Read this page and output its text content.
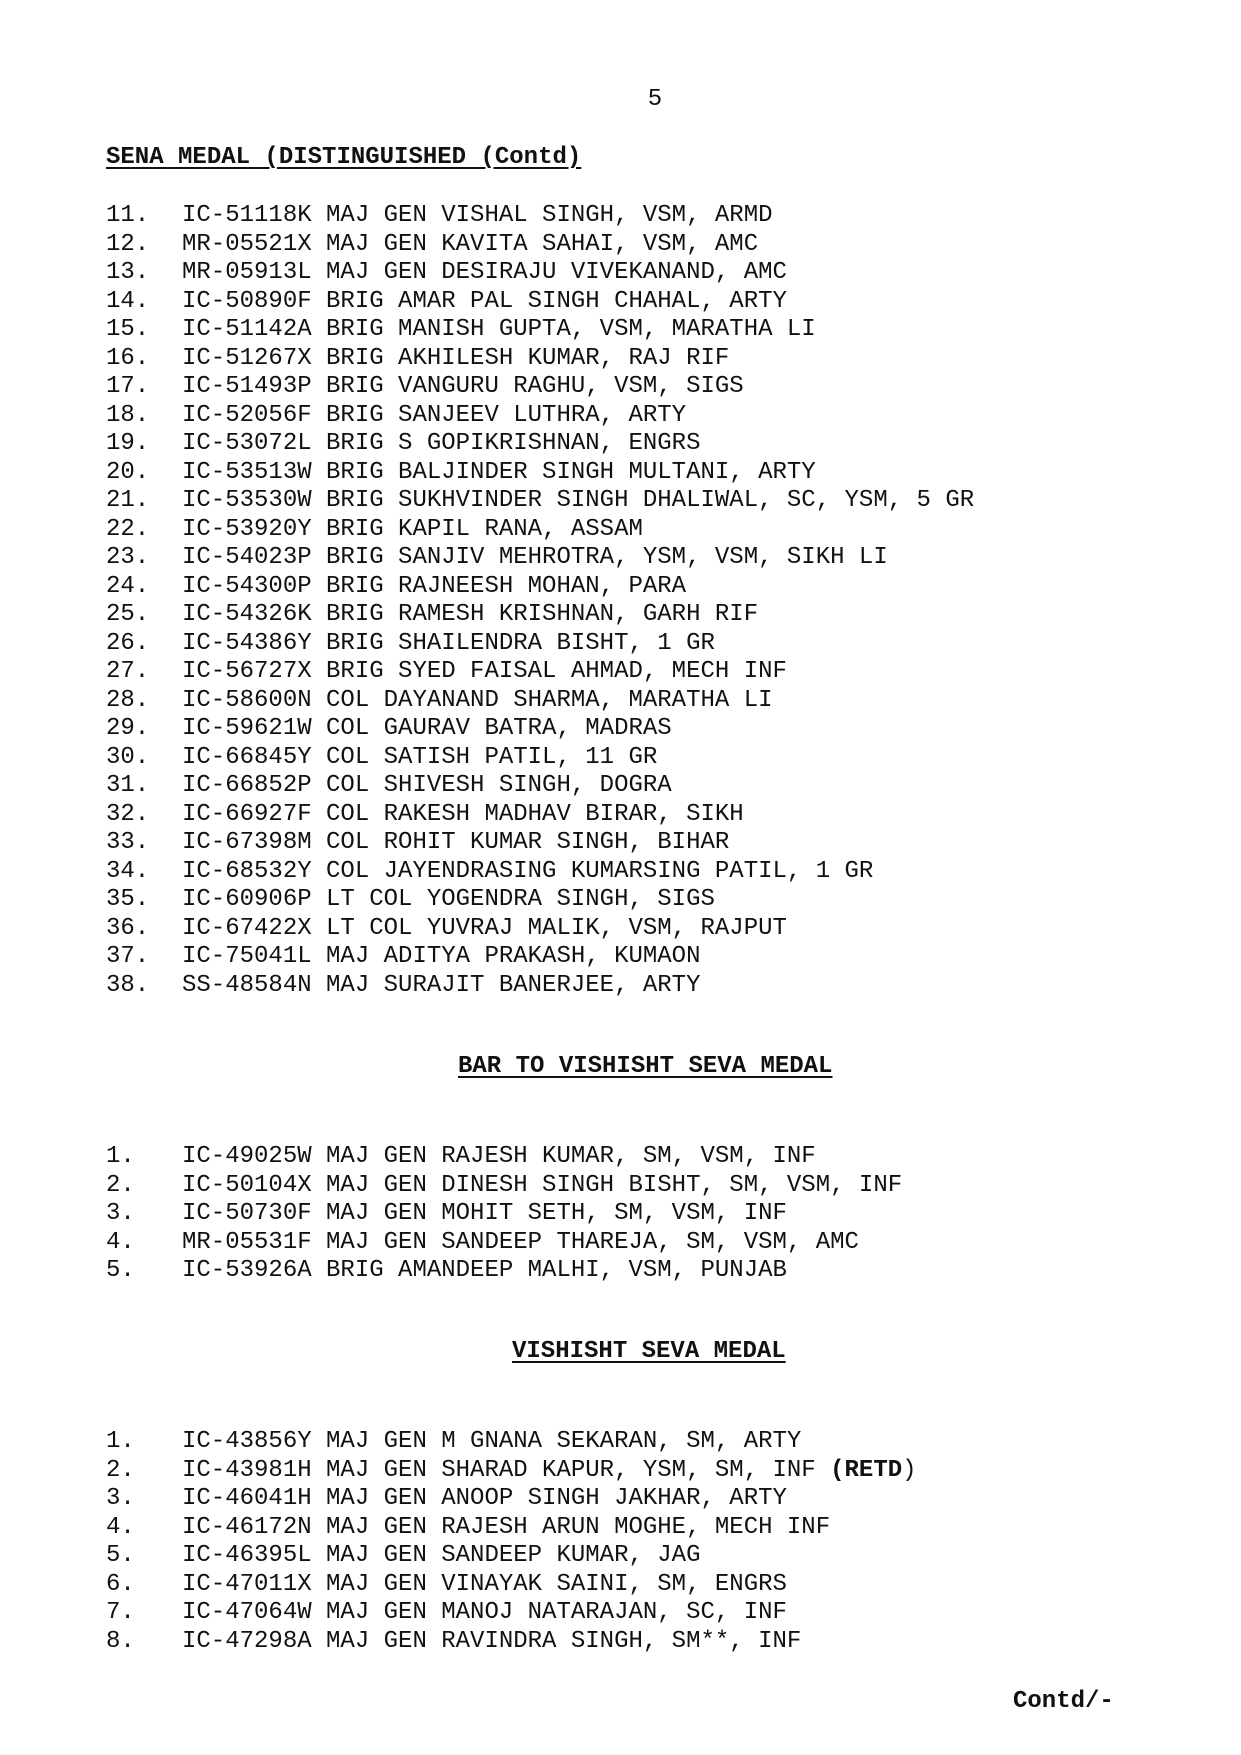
5
SENA MEDAL (DISTINGUISHED (Contd)
11. IC-51118K MAJ GEN VISHAL SINGH, VSM, ARMD
12. MR-05521X MAJ GEN KAVITA SAHAI, VSM, AMC
13. MR-05913L MAJ GEN DESIRAJU VIVEKANAND, AMC
14. IC-50890F BRIG AMAR PAL SINGH CHAHAL, ARTY
15. IC-51142A BRIG MANISH GUPTA, VSM, MARATHA LI
16. IC-51267X BRIG AKHILESH KUMAR, RAJ RIF
17. IC-51493P BRIG VANGURU RAGHU, VSM, SIGS
18. IC-52056F BRIG SANJEEV LUTHRA, ARTY
19. IC-53072L BRIG S GOPIKRISHNAN, ENGRS
20. IC-53513W BRIG BALJINDER SINGH MULTANI, ARTY
21. IC-53530W BRIG SUKHVINDER SINGH DHALIWAL, SC, YSM, 5 GR
22. IC-53920Y BRIG KAPIL RANA, ASSAM
23. IC-54023P BRIG SANJIV MEHROTRA, YSM, VSM, SIKH LI
24. IC-54300P BRIG RAJNEESH MOHAN, PARA
25. IC-54326K BRIG RAMESH KRISHNAN, GARH RIF
26. IC-54386Y BRIG SHAILENDRA BISHT, 1 GR
27. IC-56727X BRIG SYED FAISAL AHMAD, MECH INF
28. IC-58600N COL DAYANAND SHARMA, MARATHA LI
29. IC-59621W COL GAURAV BATRA, MADRAS
30. IC-66845Y COL SATISH PATIL, 11 GR
31. IC-66852P COL SHIVESH SINGH, DOGRA
32. IC-66927F COL RAKESH MADHAV BIRAR, SIKH
33. IC-67398M COL ROHIT KUMAR SINGH, BIHAR
34. IC-68532Y COL JAYENDRASING KUMARSING PATIL, 1 GR
35. IC-60906P LT COL YOGENDRA SINGH, SIGS
36. IC-67422X LT COL YUVRAJ MALIK, VSM, RAJPUT
37. IC-75041L MAJ ADITYA PRAKASH, KUMAON
38. SS-48584N MAJ SURAJIT BANERJEE, ARTY
BAR TO VISHISHT SEVA MEDAL
1. IC-49025W MAJ GEN RAJESH KUMAR, SM, VSM, INF
2. IC-50104X MAJ GEN DINESH SINGH BISHT, SM, VSM, INF
3. IC-50730F MAJ GEN MOHIT SETH, SM, VSM, INF
4. MR-05531F MAJ GEN SANDEEP THAREJA, SM, VSM, AMC
5. IC-53926A BRIG AMANDEEP MALHI, VSM, PUNJAB
VISHISHT SEVA MEDAL
1. IC-43856Y MAJ GEN M GNANA SEKARAN, SM, ARTY
2. IC-43981H MAJ GEN SHARAD KAPUR, YSM, SM, INF (RETD)
3. IC-46041H MAJ GEN ANOOP SINGH JAKHAR, ARTY
4. IC-46172N MAJ GEN RAJESH ARUN MOGHE, MECH INF
5. IC-46395L MAJ GEN SANDEEP KUMAR, JAG
6. IC-47011X MAJ GEN VINAYAK SAINI, SM, ENGRS
7. IC-47064W MAJ GEN MANOJ NATARAJAN, SC, INF
8. IC-47298A MAJ GEN RAVINDRA SINGH, SM**, INF
Contd/-
